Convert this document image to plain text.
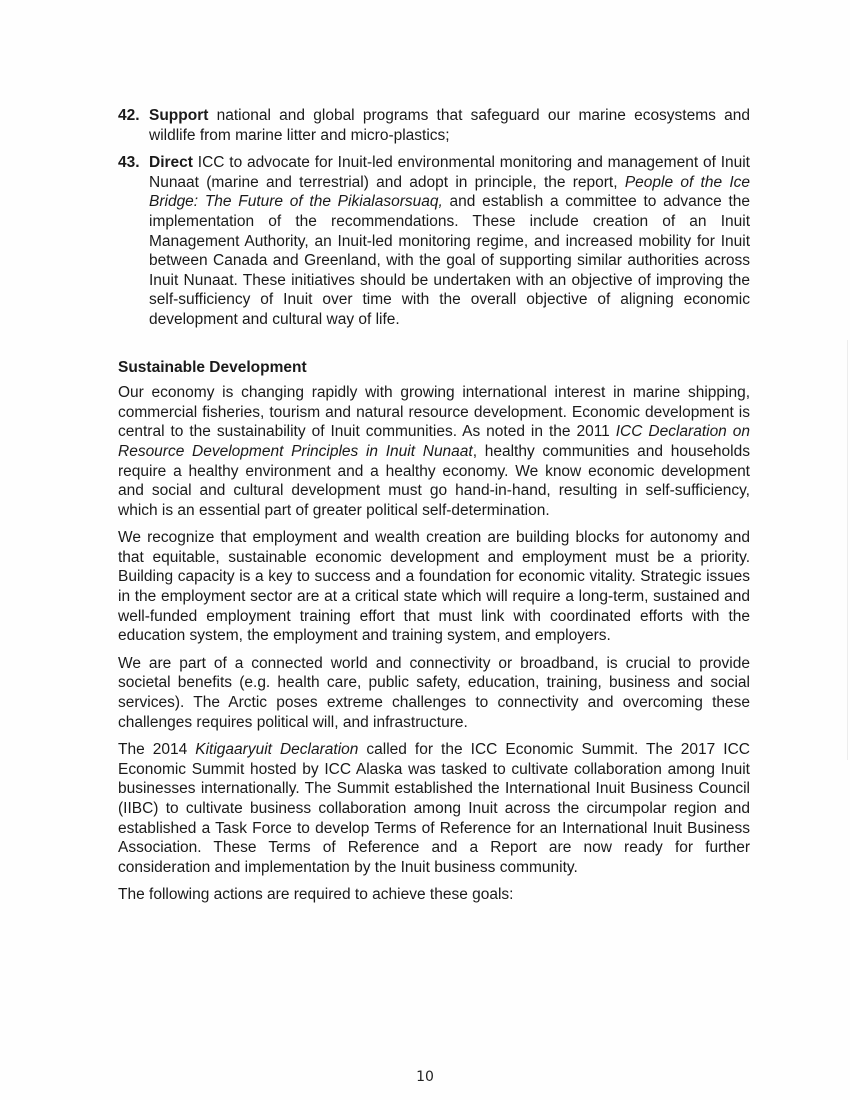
42. Support national and global programs that safeguard our marine ecosystems and wildlife from marine litter and micro-plastics;
43. Direct ICC to advocate for Inuit-led environmental monitoring and management of Inuit Nunaat (marine and terrestrial) and adopt in principle, the report, People of the Ice Bridge: The Future of the Pikialasorsuaq, and establish a committee to advance the implementation of the recommendations. These include creation of an Inuit Management Authority, an Inuit-led monitoring regime, and increased mobility for Inuit between Canada and Greenland, with the goal of supporting similar authorities across Inuit Nunaat. These initiatives should be undertaken with an objective of improving the self-sufficiency of Inuit over time with the overall objective of aligning economic development and cultural way of life.
Sustainable Development

Our economy is changing rapidly with growing international interest in marine shipping, commercial fisheries, tourism and natural resource development. Economic development is central to the sustainability of Inuit communities. As noted in the 2011 ICC Declaration on Resource Development Principles in Inuit Nunaat, healthy communities and households require a healthy environment and a healthy economy. We know economic development and social and cultural development must go hand-in-hand, resulting in self-sufficiency, which is an essential part of greater political self-determination.

We recognize that employment and wealth creation are building blocks for autonomy and that equitable, sustainable economic development and employment must be a priority. Building capacity is a key to success and a foundation for economic vitality. Strategic issues in the employment sector are at a critical state which will require a long-term, sustained and well-funded employment training effort that must link with coordinated efforts with the education system, the employment and training system, and employers.

We are part of a connected world and connectivity or broadband, is crucial to provide societal benefits (e.g. health care, public safety, education, training, business and social services). The Arctic poses extreme challenges to connectivity and overcoming these challenges requires political will, and infrastructure.

The 2014 Kitigaaryuit Declaration called for the ICC Economic Summit. The 2017 ICC Economic Summit hosted by ICC Alaska was tasked to cultivate collaboration among Inuit businesses internationally. The Summit established the International Inuit Business Council (IIBC) to cultivate business collaboration among Inuit across the circumpolar region and established a Task Force to develop Terms of Reference for an International Inuit Business Association. These Terms of Reference and a Report are now ready for further consideration and implementation by the Inuit business community.

The following actions are required to achieve these goals:

10
